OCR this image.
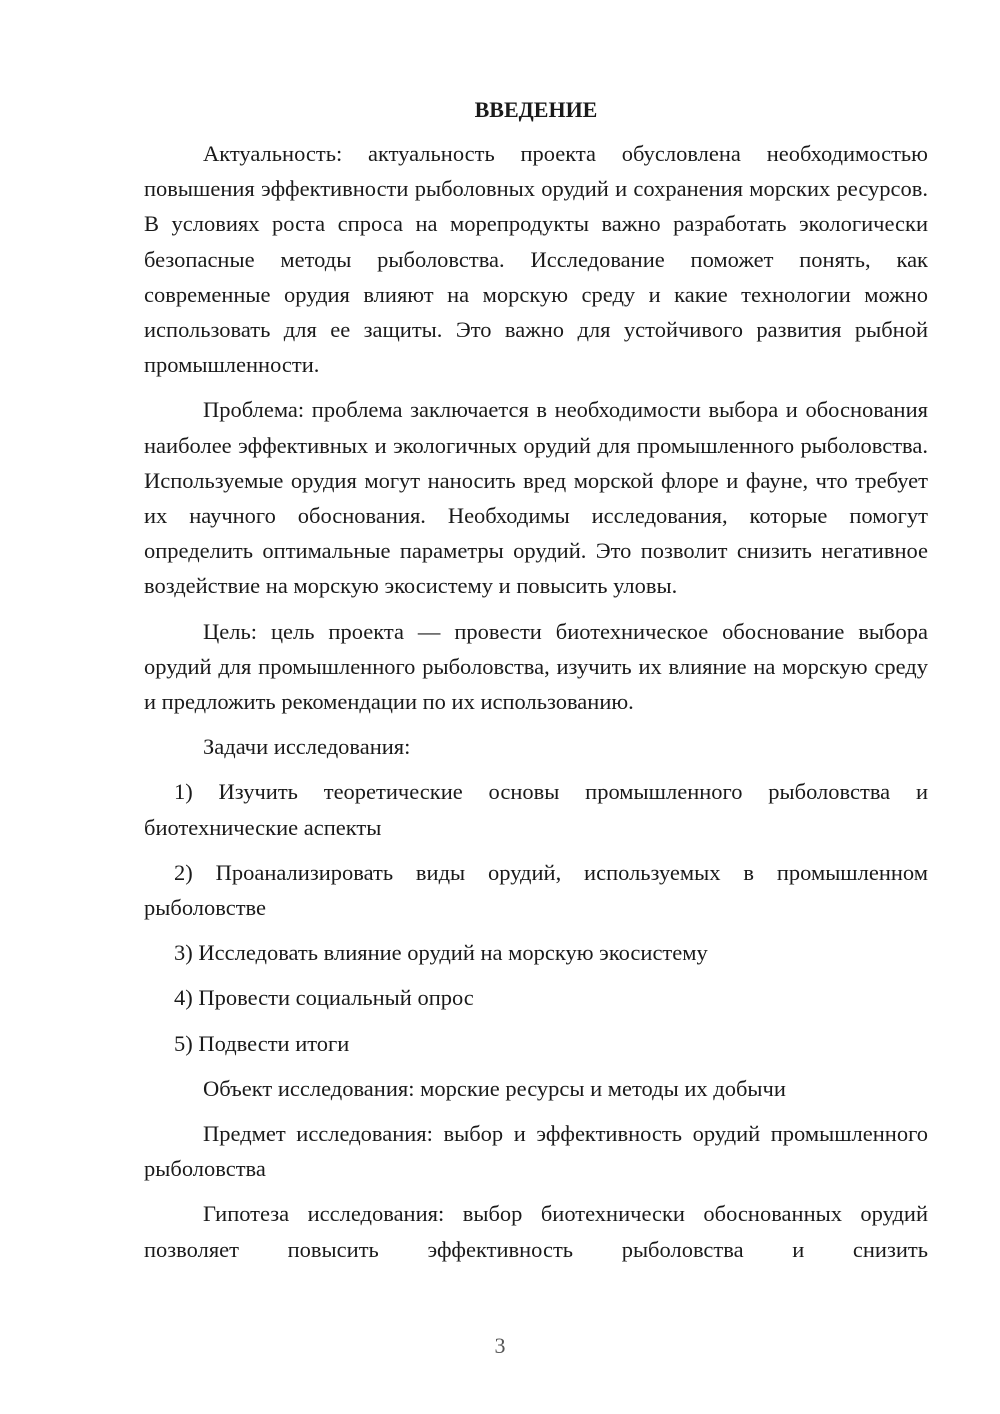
ВВЕДЕНИЕ

Актуальность: актуальность проекта обусловлена необходимостью повышения эффективности рыболовных орудий и сохранения морских ресурсов. В условиях роста спроса на морепродукты важно разработать экологически безопасные методы рыболовства. Исследование поможет понять, как современные орудия влияют на морскую среду и какие технологии можно использовать для ее защиты. Это важно для устойчивого развития рыбной промышленности.

Проблема: проблема заключается в необходимости выбора и обоснования наиболее эффективных и экологичных орудий для промышленного рыболовства. Используемые орудия могут наносить вред морской флоре и фауне, что требует их научного обоснования. Необходимы исследования, которые помогут определить оптимальные параметры орудий. Это позволит снизить негативное воздействие на морскую экосистему и повысить уловы.

Цель: цель проекта — провести биотехническое обоснование выбора орудий для промышленного рыболовства, изучить их влияние на морскую среду и предложить рекомендации по их использованию.

Задачи исследования:

1) Изучить теоретические основы промышленного рыболовства и биотехнические аспекты

2) Проанализировать виды орудий, используемых в промышленном рыболовстве

3) Исследовать влияние орудий на морскую экосистему

4) Провести социальный опрос

5) Подвести итоги

Объект исследования: морские ресурсы и методы их добычи

Предмет исследования: выбор и эффективность орудий промышленного рыболовства

Гипотеза исследования: выбор биотехнически обоснованных орудий позволяет повысить эффективность рыболовства и снизить

3
